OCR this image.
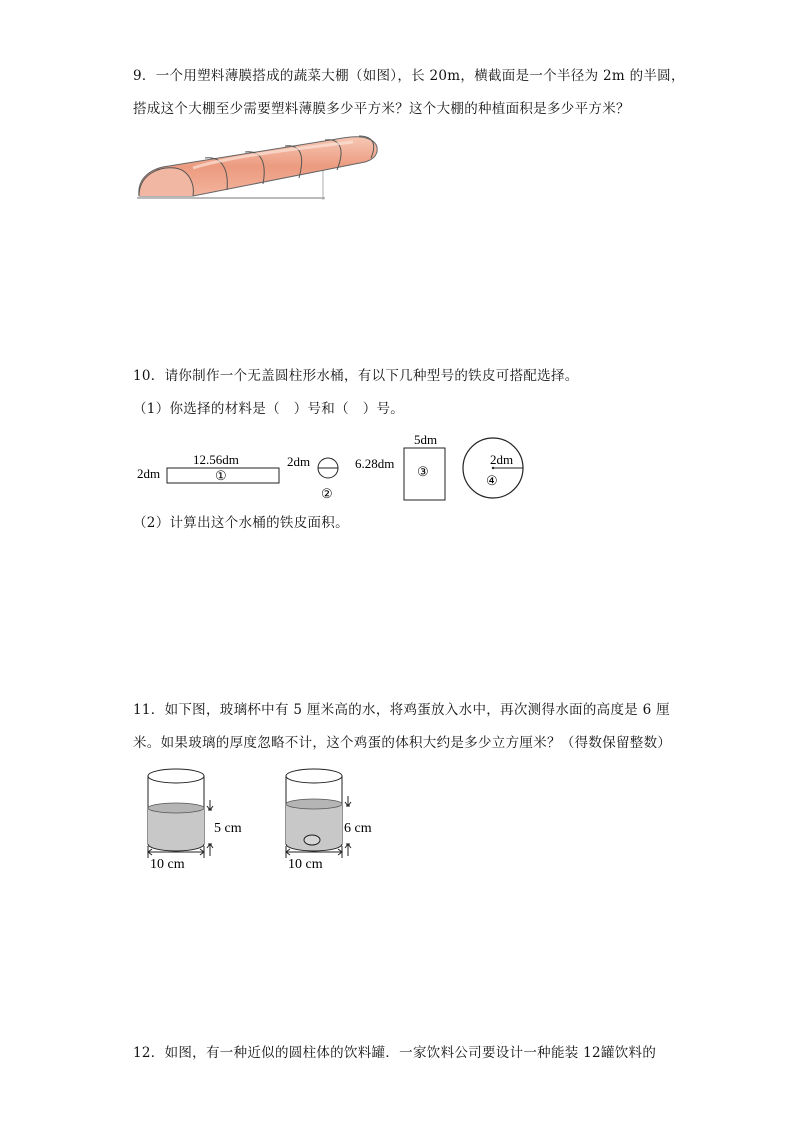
9．一个用塑料薄膜搭成的蔬菜大棚（如图），长 20m，横截面是一个半径为 2m 的半圆，
搭成这个大棚至少需要塑料薄膜多少平方米？这个大棚的种植面积是多少平方米？
10．请你制作一个无盖圆柱形水桶，有以下几种型号的铁皮可搭配选择。
（1）你选择的材料是（　）号和（　）号。
12.56dm
2dm	①
2dm
②
5dm
6.28dm
③
2dm
④
（2）计算出这个水桶的铁皮面积。
11．如下图，玻璃杯中有 5 厘米高的水，将鸡蛋放入水中，再次测得水面的高度是 6 厘
米。如果玻璃的厚度忽略不计，这个鸡蛋的体积大约是多少立方厘米？（得数保留整数）
5 cm
10 cm
6 cm
10 cm
12．如图，有一种近似的圆柱体的饮料罐．一家饮料公司要设计一种能装 12罐饮料的
